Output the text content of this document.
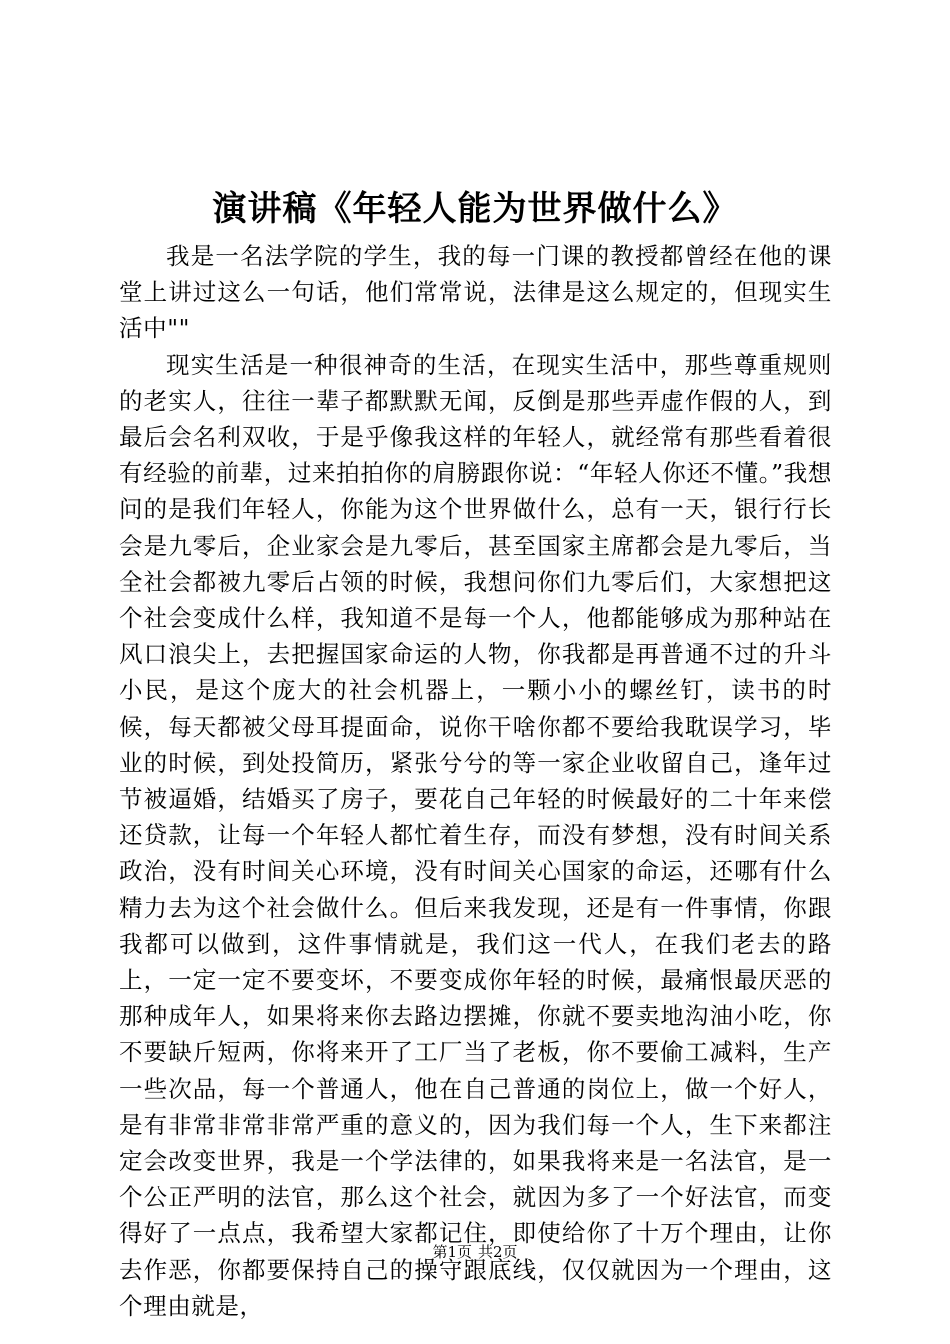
演讲稿《年轻人能为世界做什么》

我是一名法学院的学生，我的每一门课的教授都曾经在他的课堂上讲过这么一句话，他们常常说，法律是这么规定的，但现实生活中""

现实生活是一种很神奇的生活，在现实生活中，那些尊重规则的老实人，往往一辈子都默默无闻，反倒是那些弄虚作假的人，到最后会名利双收，于是乎像我这样的年轻人，就经常有那些看着很有经验的前辈，过来拍拍你的肩膀跟你说：“年轻人你还不懂。”我想问的是我们年轻人，你能为这个世界做什么，总有一天，银行行长会是九零后，企业家会是九零后，甚至国家主席都会是九零后，当全社会都被九零后占领的时候，我想问你们九零后们，大家想把这个社会变成什么样，我知道不是每一个人，他都能够成为那种站在风口浪尖上，去把握国家命运的人物，你我都是再普通不过的升斗小民，是这个庞大的社会机器上，一颗小小的螺丝钉，读书的时候，每天都被父母耳提面命，说你干啥你都不要给我耽误学习，毕业的时候，到处投简历，紧张兮兮的等一家企业收留自己，逢年过节被逼婚，结婚买了房子，要花自己年轻的时候最好的二十年来偿还贷款，让每一个年轻人都忙着生存，而没有梦想，没有时间关系政治，没有时间关心环境，没有时间关心国家的命运，还哪有什么精力去为这个社会做什么。但后来我发现，还是有一件事情，你跟我都可以做到，这件事情就是，我们这一代人，在我们老去的路上，一定一定不要变坏，不要变成你年轻的时候，最痛恨最厌恶的那种成年人，如果将来你去路边摆摊，你就不要卖地沟油小吃，你不要缺斤短两，你将来开了工厂当了老板，你不要偷工减料，生产一些次品，每一个普通人，他在自己普通的岗位上，做一个好人，是有非常非常非常严重的意义的，因为我们每一个人，生下来都注定会改变世界，我是一个学法律的，如果我将来是一名法官，是一个公正严明的法官，那么这个社会，就因为多了一个好法官，而变得好了一点点，我希望大家都记住，即使给你了十万个理由，让你去作恶，你都要保持自己的操守跟底线，仅仅就因为一个理由，这个理由就是，

第1页 共2页
